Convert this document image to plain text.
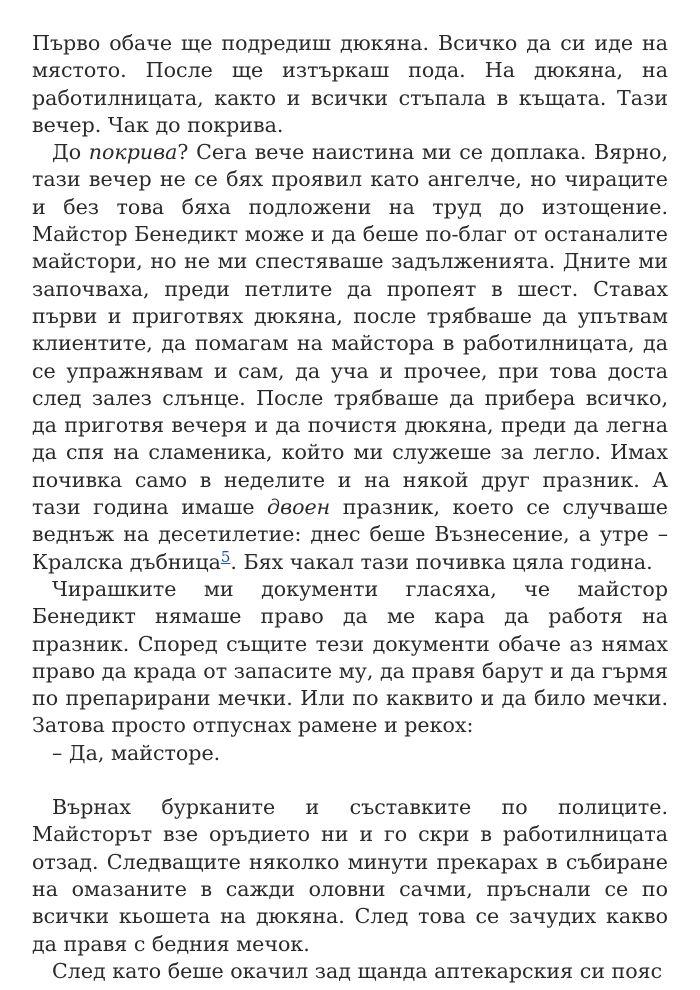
Първо обаче ще подредиш дюкяна. Всичко да си иде на мястото. После ще изтъркаш пода. На дюкяна, на работилницата, както и всички стъпала в къщата. Тази вечер. Чак до покрива.

До покрива? Сега вече наистина ми се доплака. Вярно, тази вечер не се бях проявил като ангелче, но чираците и без това бяха подложени на труд до изтощение. Майстор Бенедикт може и да беше по-благ от останалите майстори, но не ми спестяваше задълженията. Дните ми започваха, преди петлите да пропеят в шест. Ставах първи и приготвях дюкяна, после трябваше да упътвам клиентите, да помагам на майстора в работилницата, да се упражнявам и сам, да уча и прочее, при това доста след залез слънце. После трябваше да прибера всичко, да приготвя вечеря и да почистя дюкяна, преди да легна да спя на сламеника, който ми служеше за легло. Имах почивка само в неделите и на някой друг празник. А тази година имаше двоен празник, което се случваше веднъж на десетилетие: днес беше Възнесение, а утре – Кралска дъбница$^5$. Бях чакал тази почивка цяла година.

Чирашките ми документи гласяха, че майстор Бенедикт нямаше право да ме кара да работя на празник. Според същите тези документи обаче аз нямах право да крада от запасите му, да правя барут и да гърмя по препарирани мечки. Или по каквито и да било мечки. Затова просто отпуснах рамене и рекох:

– Да, майсторе.

Върнах бурканите и съставките по полиците. Майсторът взе оръдието ни и го скри в работилницата отзад. Следващите няколко минути прекарах в събиране на омазаните в сажди оловни сачми, пръснали се по всички кьошета на дюкяна. След това се зачудих какво да правя с бедния мечок.

След като беше окачил зад щанда аптекарския си пояс
